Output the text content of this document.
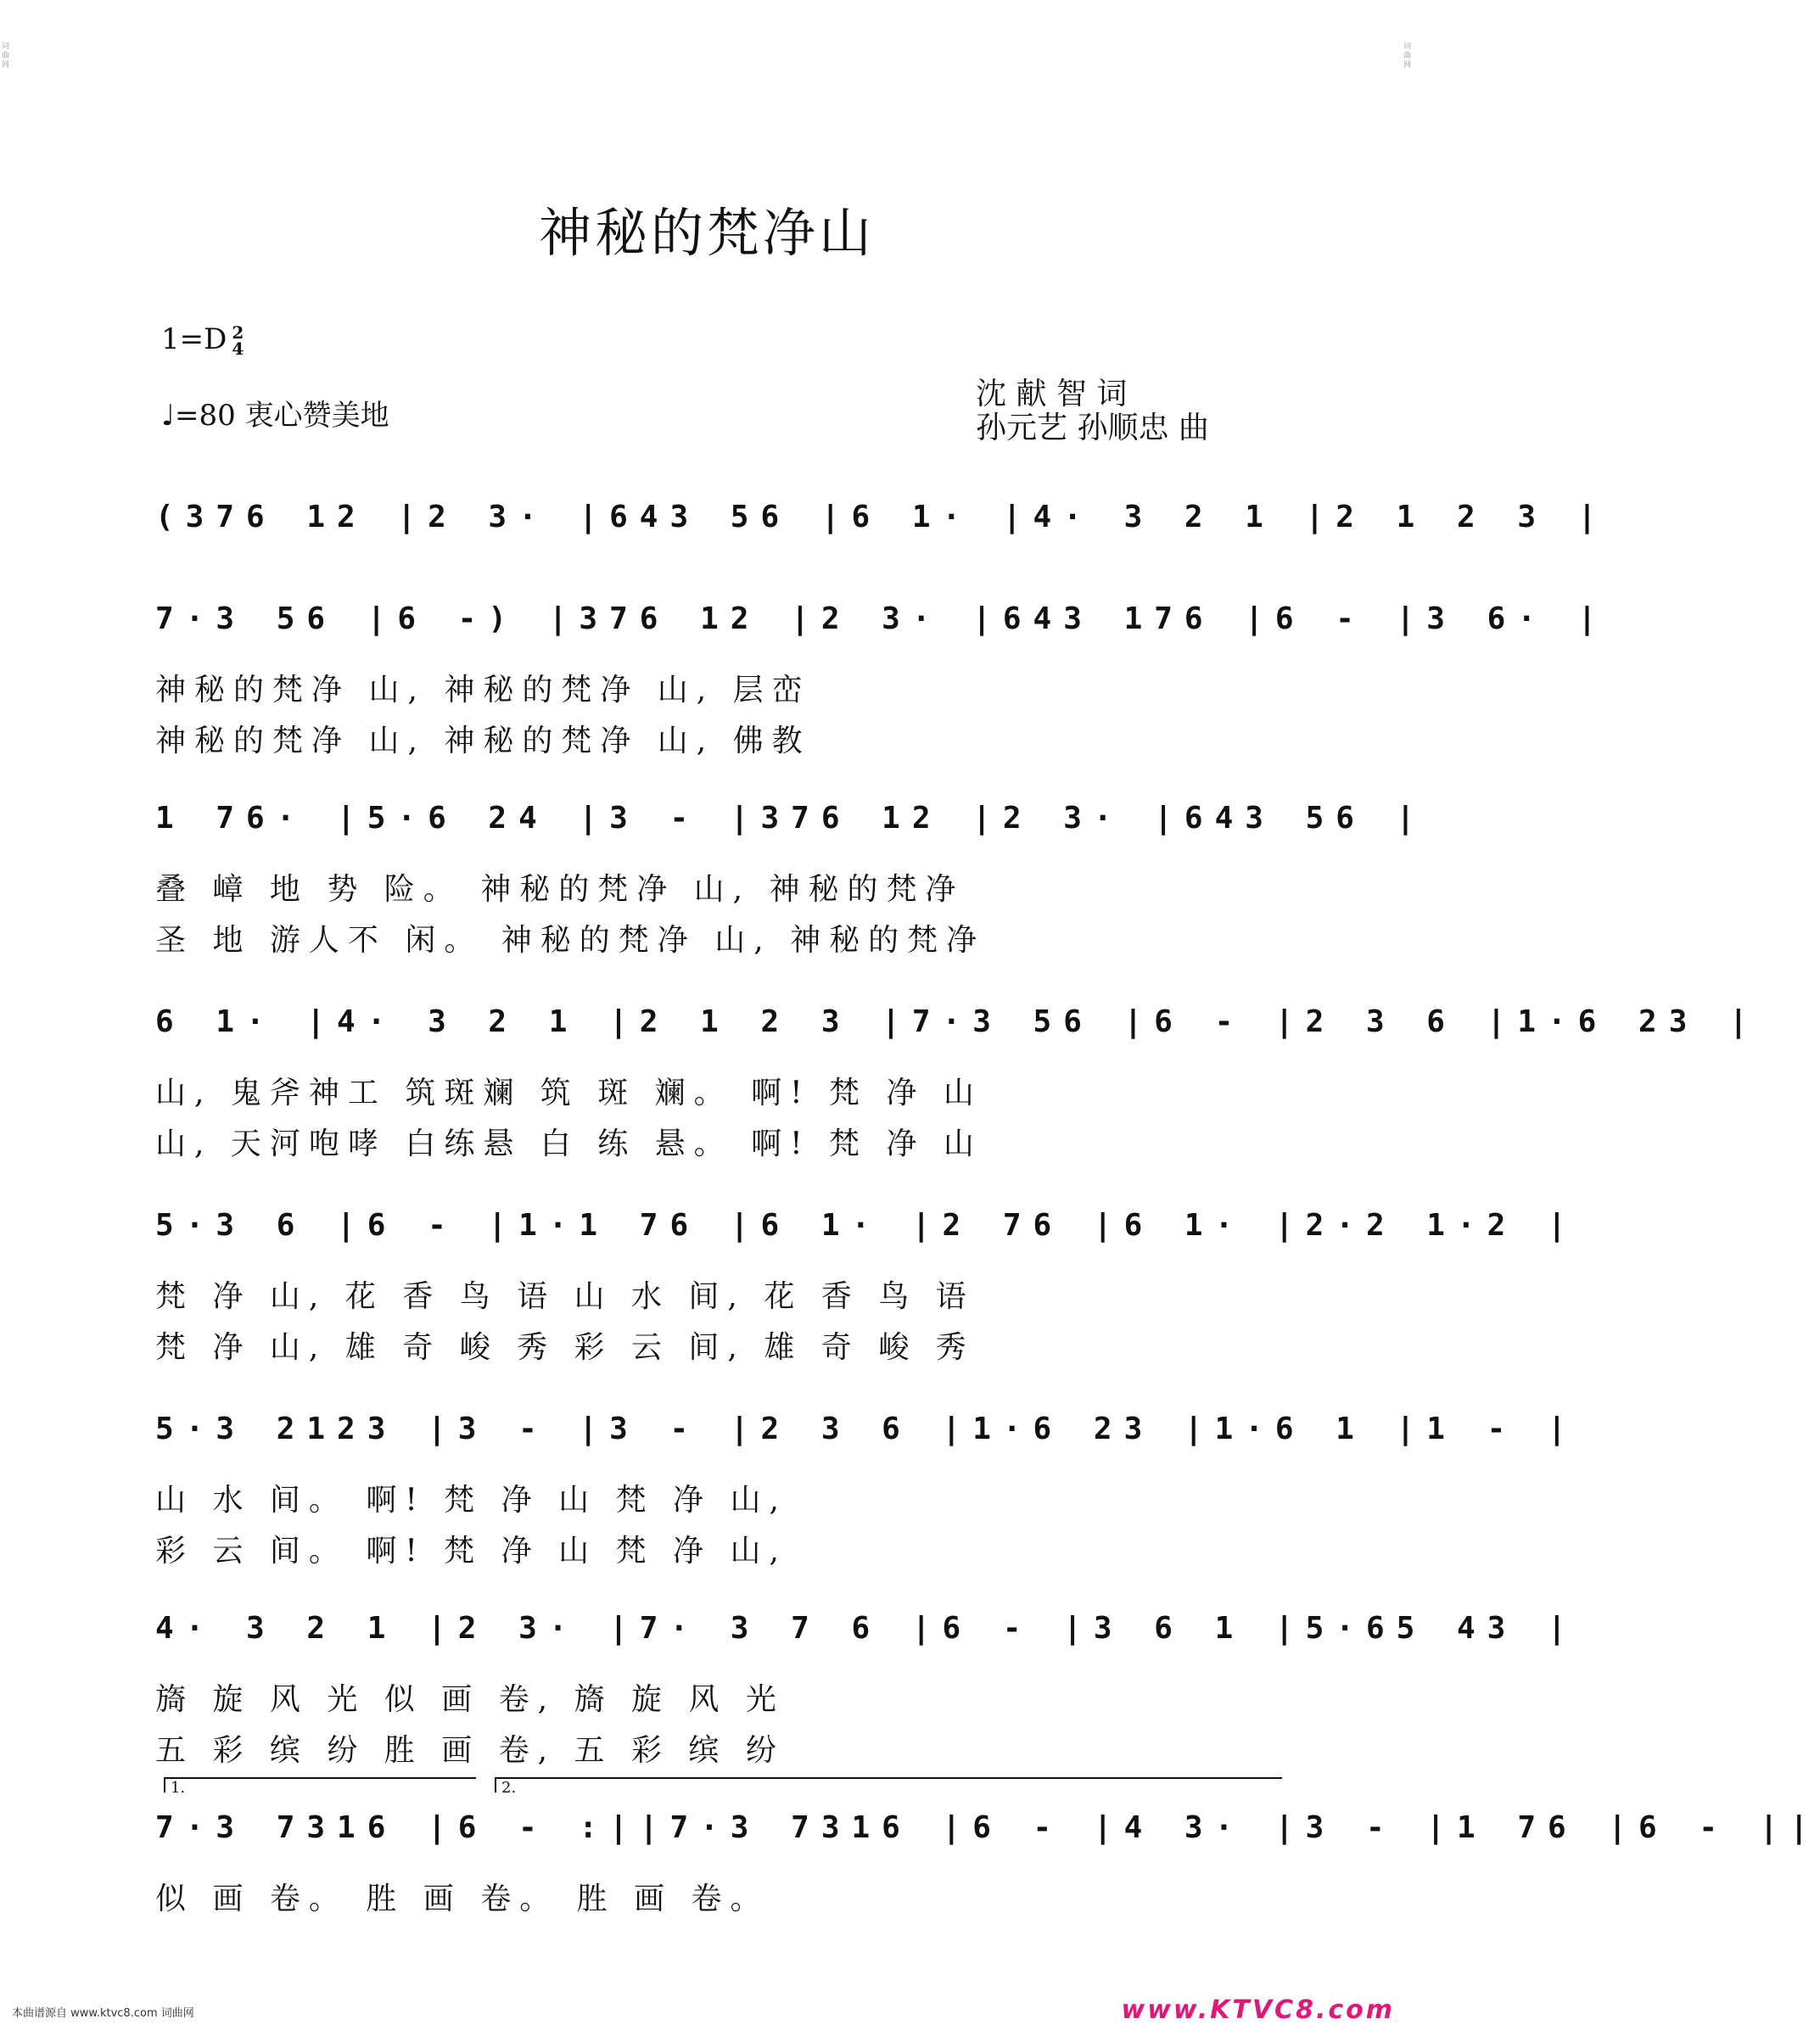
词曲网
词曲网
神秘的梵净山
1=D 2
4
♩=80 衷心赞美地
沈 献 智 词
孙元艺 孙顺忠 曲
(376 12 |2 3· |643 56 |6 1· |4· 3 2 1 |2 1 2 3 |
7·3 56 |6 -) |376 12 |2 3· |643 176 |6 - |3 6· |
神秘的梵净 山, 神秘的梵净 山, 层峦
神秘的梵净 山, 神秘的梵净 山, 佛教
1 76· |5·6 24 |3 - |376 12 |2 3· |643 56 |
叠 嶂 地 势 险。 神秘的梵净 山, 神秘的梵净
圣 地 游人不 闲。 神秘的梵净 山, 神秘的梵净
6 1· |4· 3 2 1 |2 1 2 3 |7·3 56 |6 - |2 3 6 |1·6 23 |
山, 鬼斧神工 筑斑斓 筑 斑 斓。 啊! 梵 净 山
山, 天河咆哮 白练悬 白 练 悬。 啊! 梵 净 山
5·3 6 |6 - |1·1 76 |6 1· |2 76 |6 1· |2·2 1·2 |
梵 净 山, 花 香 鸟 语 山 水 间, 花 香 鸟 语
梵 净 山, 雄 奇 峻 秀 彩 云 间, 雄 奇 峻 秀
5·3 2123 |3 - |3 - |2 3 6 |1·6 23 |1·6 1 |1 - |
山 水 间。 啊! 梵 净 山 梵 净 山,
彩 云 间。 啊! 梵 净 山 梵 净 山,
4· 3 2 1 |2 3· |7· 3 7 6 |6 - |3 6 1 |5·65 43 |
旖 旋 风 光 似 画 卷, 旖 旋 风 光
五 彩 缤 纷 胜 画 卷, 五 彩 缤 纷
7·3 7316 |6 - :||7·3 7316 |6 - |4 3· |3 - |1 76 |6 - ||
似 画 卷。 胜 画 卷。 胜 画 卷。
1.	2.
本曲谱源自 www.ktvc8.com 词曲网	www.KTVC8.com
